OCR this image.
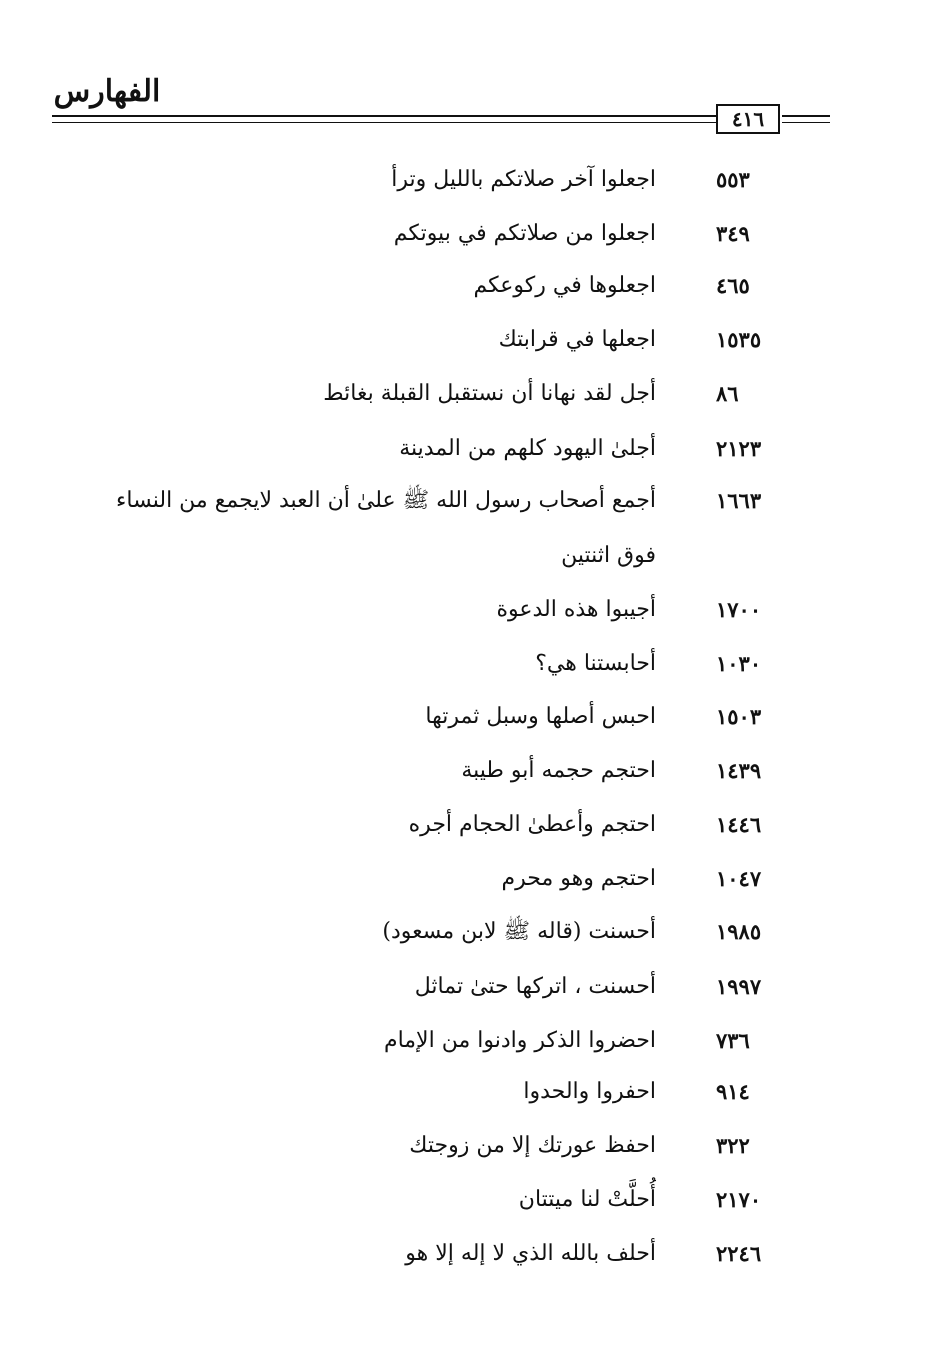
الفهارس
٤١٦
٥٥٣
اجعلوا آخر صلاتكم بالليل وترأ
٣٤٩
اجعلوا من صلاتكم في بيوتكم
٤٦٥
اجعلوها في ركوعكم
١٥٣٥
اجعلها في قرابتك
٨٦
أجل لقد نهانا أن نستقبل القبلة بغائط
٢١٢٣
أجلىٰ اليهود كلهم من المدينة
١٦٦٣
أجمع أصحاب رسول الله ﷺ علىٰ أن العبد لايجمع من النساء
فوق اثنتين
١٧٠٠
أجيبوا هذه الدعوة
١٠٣٠
أحابستنا هي؟
١٥٠٣
احبس أصلها وسبل ثمرتها
١٤٣٩
احتجم حجمه أبو طيبة
١٤٤٦
احتجم وأعطىٰ الحجام أجره
١٠٤٧
احتجم وهو محرم
١٩٨٥
أحسنت (قاله ﷺ لابن مسعود)
١٩٩٧
أحسنت ، اتركها حتىٰ تماثل
٧٣٦
احضروا الذكر وادنوا من الإمام
٩١٤
احفروا والحدوا
٣٢٢
احفظ عورتك إلا من زوجتك
٢١٧٠
أُحلَّتْ لنا ميتتان
٢٢٤٦
أحلف بالله الذي لا إله إلا هو
